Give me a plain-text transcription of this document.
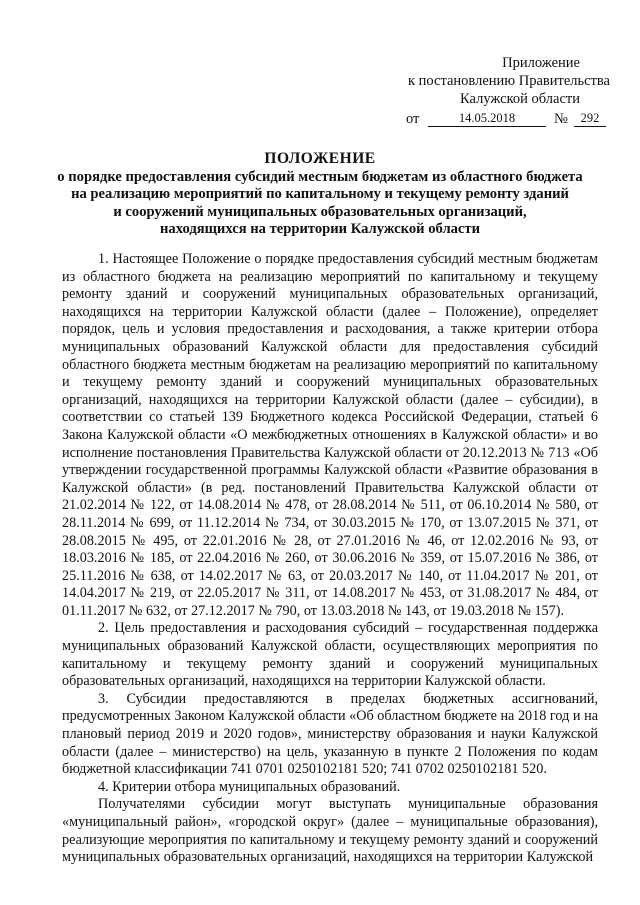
Приложение
к постановлению Правительства
Калужской области
от	14.05.2018	№	292
ПОЛОЖЕНИЕ
о порядке предоставления субсидий местным бюджетам из областного бюджета
на реализацию мероприятий по капитальному и текущему ремонту зданий
и сооружений муниципальных образовательных организаций,
находящихся на территории Калужской области

1. Настоящее Положение о порядке предоставления субсидий местным бюджетам из областного бюджета на реализацию мероприятий по капитальному и текущему ремонту зданий и сооружений муниципальных образовательных организаций, находящихся на территории Калужской области (далее – Положение), определяет порядок, цель и условия предоставления и расходования, а также критерии отбора муниципальных образований Калужской области для предоставления субсидий областного бюджета местным бюджетам на реализацию мероприятий по капитальному и текущему ремонту зданий и сооружений муниципальных образовательных организаций, находящихся на территории Калужской области (далее – субсидии), в соответствии со статьей 139 Бюджетного кодекса Российской Федерации, статьей 6 Закона Калужской области «О межбюджетных отношениях в Калужской области» и во исполнение постановления Правительства Калужской области от 20.12.2013 № 713 «Об утверждении государственной программы Калужской области «Развитие образования в Калужской области» (в ред. постановлений Правительства Калужской области от 21.02.2014 № 122, от 14.08.2014 № 478, от 28.08.2014 № 511, от 06.10.2014 № 580, от 28.11.2014 № 699, от 11.12.2014 № 734, от 30.03.2015 № 170, от 13.07.2015 № 371, от 28.08.2015 № 495, от 22.01.2016 № 28, от 27.01.2016 № 46, от 12.02.2016 № 93, от 18.03.2016 № 185, от 22.04.2016 № 260, от 30.06.2016 № 359, от 15.07.2016 № 386, от 25.11.2016 № 638, от 14.02.2017 № 63, от 20.03.2017 № 140, от 11.04.2017 № 201, от 14.04.2017 № 219, от 22.05.2017 № 311, от 14.08.2017 № 453, от 31.08.2017 № 484, от 01.11.2017 № 632, от 27.12.2017 № 790, от 13.03.2018 № 143, от 19.03.2018 № 157).

2. Цель предоставления и расходования субсидий – государственная поддержка муниципальных образований Калужской области, осуществляющих мероприятия по капитальному и текущему ремонту зданий и сооружений муниципальных образовательных организаций, находящихся на территории Калужской области.

3. Субсидии предоставляются в пределах бюджетных ассигнований, предусмотренных Законом Калужской области «Об областном бюджете на 2018 год и на плановый период 2019 и 2020 годов», министерству образования и науки Калужской области (далее – министерство) на цель, указанную в пункте 2 Положения по кодам бюджетной классификации 741 0701 0250102181 520; 741 0702 0250102181 520.

4. Критерии отбора муниципальных образований.

Получателями субсидии могут выступать муниципальные образования «муниципальный район», «городской округ» (далее – муниципальные образования), реализующие мероприятия по капитальному и текущему ремонту зданий и сооружений муниципальных образовательных организаций, находящихся на территории Калужской
